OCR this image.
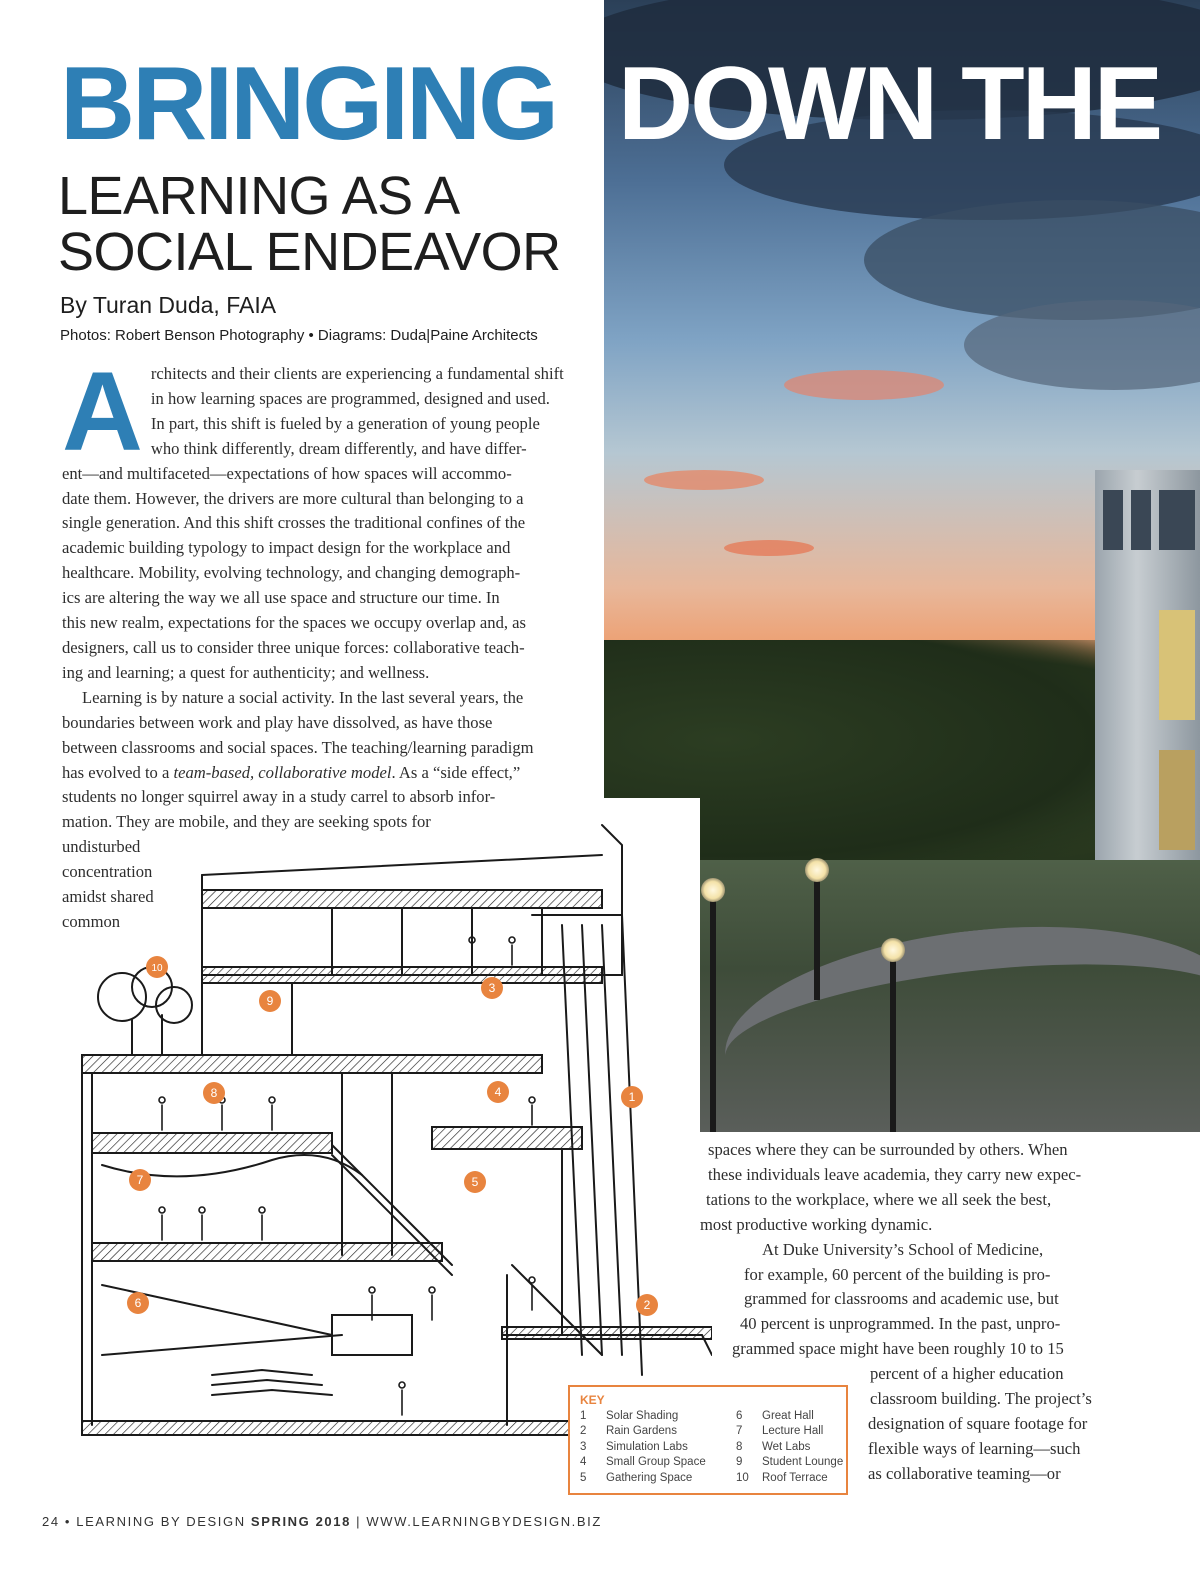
BRINGING DOWN THE
LEARNING AS A
SOCIAL ENDEAVOR
By Turan Duda, FAIA
Photos: Robert Benson Photography • Diagrams: Duda|Paine Architects

A rchitects and their clients are experiencing a fundamental shift
in how learning spaces are programmed, designed and used.
In part, this shift is fueled by a generation of young people
who think differently, dream differently, and have differ-
ent—and multifaceted—expectations of how spaces will accommo-
date them. However, the drivers are more cultural than belonging to a
single generation. And this shift crosses the traditional confines of the
academic building typology to impact design for the workplace and
healthcare. Mobility, evolving technology, and changing demograph-
ics are altering the way we all use space and structure our time. In
this new realm, expectations for the spaces we occupy overlap and, as
designers, call us to consider three unique forces: collaborative teach-
ing and learning; a quest for authenticity; and wellness.

Learning is by nature a social activity. In the last several years, the
boundaries between work and play have dissolved, as have those
between classrooms and social spaces. The teaching/learning paradigm
has evolved to a team-based, collaborative model. As a “side effect,”
students no longer squirrel away in a study carrel to absorb infor-
mation. They are mobile, and they are seeking spots for
undisturbed
concentration
amidst shared
common

spaces where they can be surrounded by others. When
these individuals leave academia, they carry new expec-
tations to the workplace, where we all seek the best,
most productive working dynamic.
At Duke University’s School of Medicine,
for example, 60 percent of the building is pro-
grammed for classrooms and academic use, but
40 percent is unprogrammed. In the past, unpro-
grammed space might have been roughly 10 to 15
percent of a higher education
classroom building. The project’s
designation of square footage for
flexible ways of learning—such
as collaborative teaming—or
1
2
3
4
5
6
7
8
9
10
KEY
1 Solar Shading
2 Rain Gardens
3 Simulation Labs
4 Small Group Space
5 Gathering Space
6 Great Hall
7 Lecture Hall
8 Wet Labs
9 Student Lounge
10 Roof Terrace
24 • LEARNING BY DESIGN SPRING 2018 | WWW.LEARNINGBYDESIGN.BIZ
